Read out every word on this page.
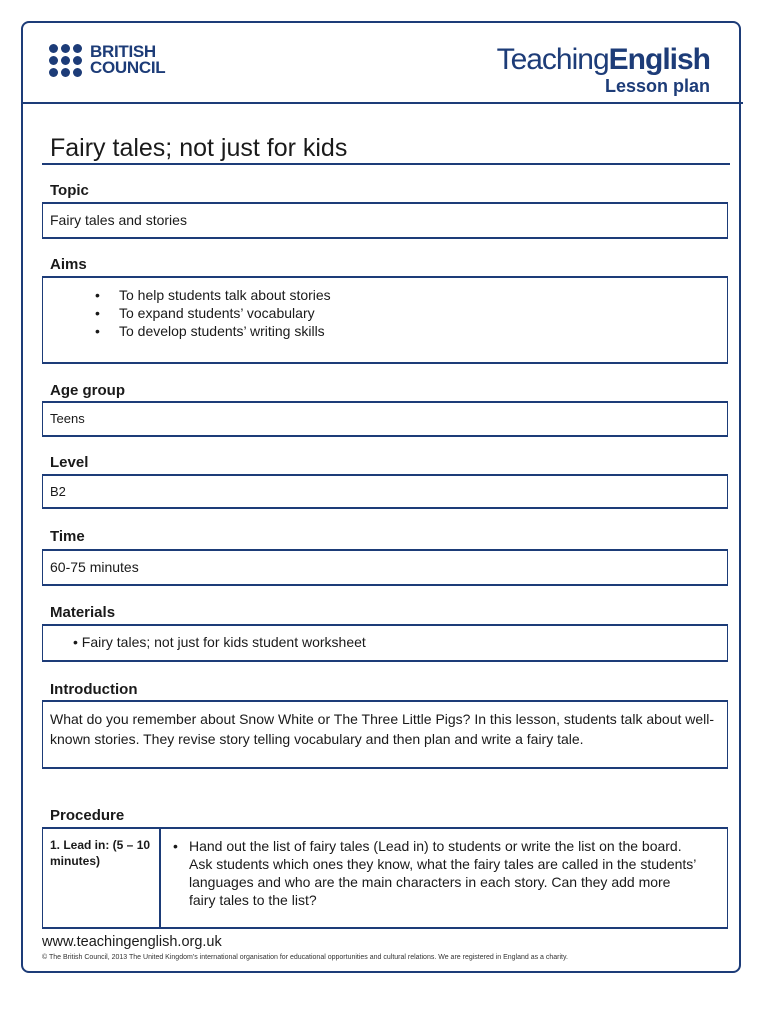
BRITISH
COUNCIL	TeachingEnglish
Lesson plan
Fairy tales; not just for kids
Topic
Fairy tales and stories
Aims
• To help students talk about stories
• To expand students’ vocabulary
• To develop students’ writing skills
Age group
Teens
Level
B2
Time
60-75 minutes
Materials
• Fairy tales; not just for kids student worksheet
Introduction
What do you remember about Snow White or The Three Little Pigs? In this lesson, students talk about well-known stories. They revise story telling vocabulary and then plan and write a fairy tale.
Procedure
1. Lead in: (5 – 10 minutes)
• Hand out the list of fairy tales (Lead in) to students or write the list on the board. Ask students which ones they know, what the fairy tales are called in the students’ languages and who are the main characters in each story. Can they add more fairy tales to the list?
www.teachingenglish.org.uk
© The British Council, 2013 The United Kingdom’s international organisation for educational opportunities and cultural relations. We are registered in England as a charity.
